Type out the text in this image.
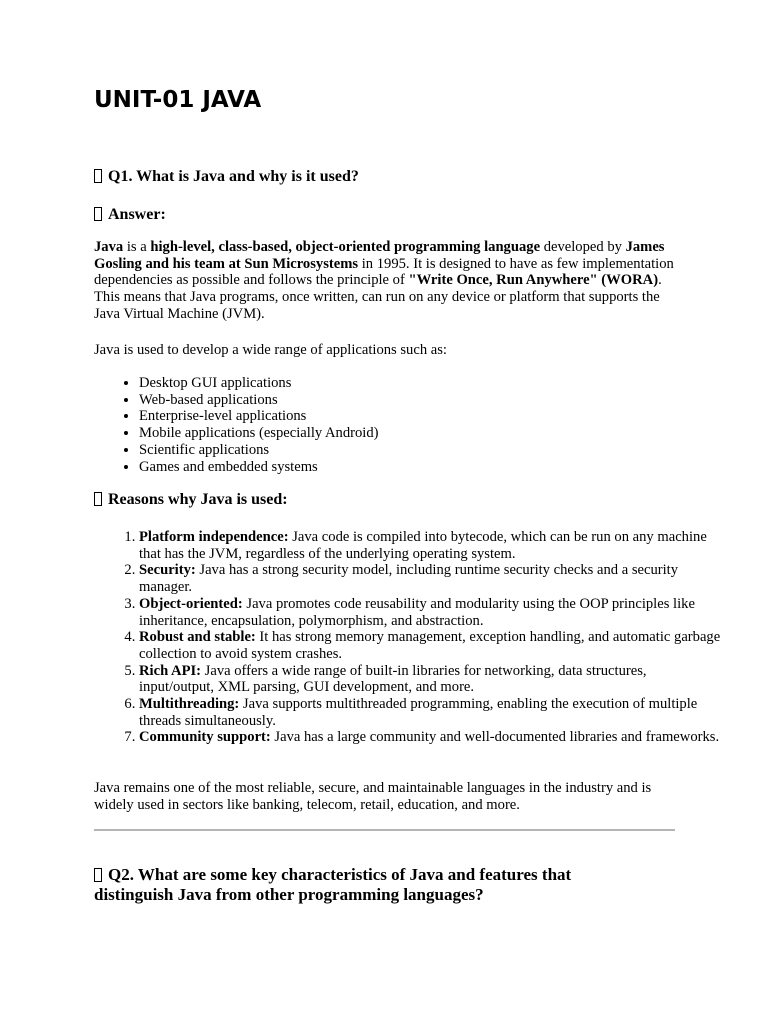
UNIT-01 JAVA
Q1. What is Java and why is it used?
Answer:

Java is a high-level, class-based, object-oriented programming language developed by James Gosling and his team at Sun Microsystems in 1995. It is designed to have as few implementation dependencies as possible and follows the principle of "Write Once, Run Anywhere" (WORA). This means that Java programs, once written, can run on any device or platform that supports the Java Virtual Machine (JVM).

Java is used to develop a wide range of applications such as:

• Desktop GUI applications
• Web-based applications
• Enterprise-level applications
• Mobile applications (especially Android)
• Scientific applications
• Games and embedded systems
Reasons why Java is used:
1. Platform independence: Java code is compiled into bytecode, which can be run on any machine that has the JVM, regardless of the underlying operating system.
2. Security: Java has a strong security model, including runtime security checks and a security manager.
3. Object-oriented: Java promotes code reusability and modularity using the OOP principles like inheritance, encapsulation, polymorphism, and abstraction.
4. Robust and stable: It has strong memory management, exception handling, and automatic garbage collection to avoid system crashes.
5. Rich API: Java offers a wide range of built-in libraries for networking, data structures, input/output, XML parsing, GUI development, and more.
6. Multithreading: Java supports multithreaded programming, enabling the execution of multiple threads simultaneously.
7. Community support: Java has a large community and well-documented libraries and frameworks.

Java remains one of the most reliable, secure, and maintainable languages in the industry and is widely used in sectors like banking, telecom, retail, education, and more.

Q2. What are some key characteristics of Java and features that distinguish Java from other programming languages?
